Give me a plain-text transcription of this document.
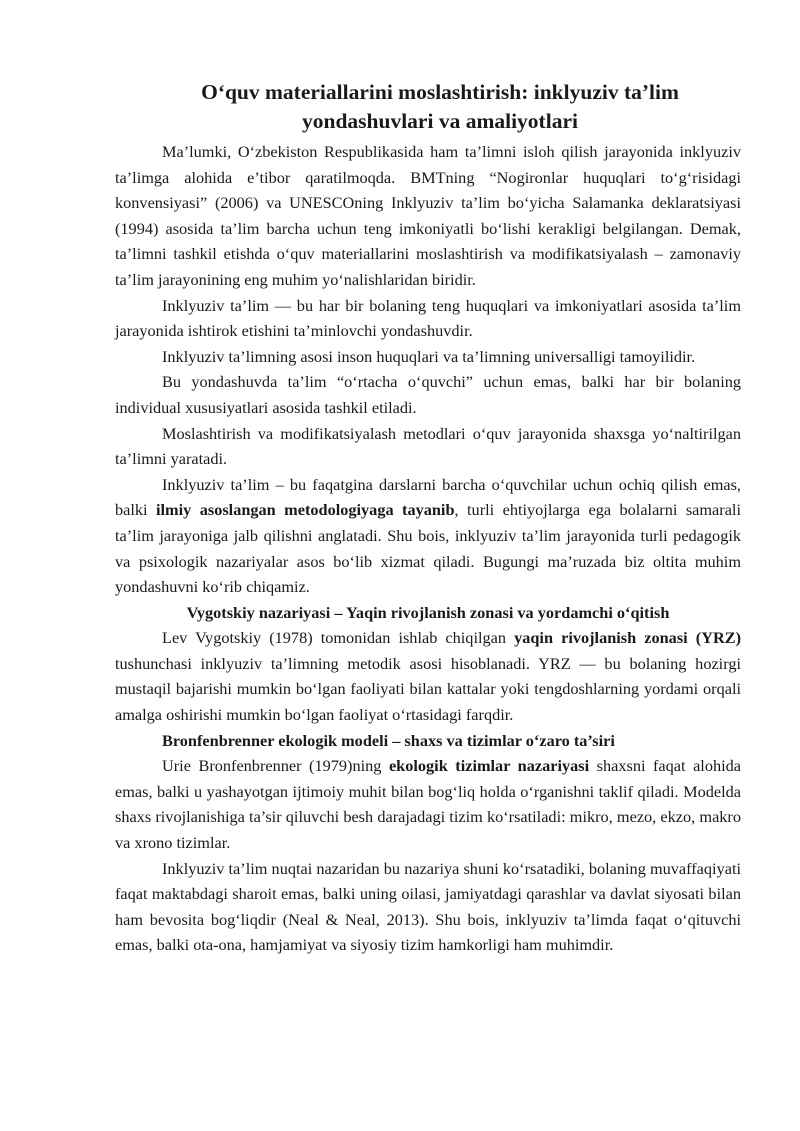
O‘quv materiallarini moslashtirish: inklyuziv ta’lim
yondashuvlari va amaliyotlari

Ma’lumki, O‘zbekiston Respublikasida ham ta’limni isloh qilish jarayonida inklyuziv ta’limga alohida e’tibor qaratilmoqda. BMTning “Nogironlar huquqlari to‘g‘risidagi konvensiyasi” (2006) va UNESCOning Inklyuziv ta’lim bo‘yicha Salamanka deklaratsiyasi (1994) asosida ta’lim barcha uchun teng imkoniyatli bo‘lishi kerakligi belgilangan. Demak, ta’limni tashkil etishda o‘quv materiallarini moslashtirish va modifikatsiyalash – zamonaviy ta’lim jarayonining eng muhim yo‘nalishlaridan biridir.

Inklyuziv ta’lim — bu har bir bolaning teng huquqlari va imkoniyatlari asosida ta’lim jarayonida ishtirok etishini ta’minlovchi yondashuvdir.

Inklyuziv ta’limning asosi inson huquqlari va ta’limning universalligi tamoyilidir.

Bu yondashuvda ta’lim “o‘rtacha o‘quvchi” uchun emas, balki har bir bolaning individual xususiyatlari asosida tashkil etiladi.

Moslashtirish va modifikatsiyalash metodlari o‘quv jarayonida shaxsga yo‘naltirilgan ta’limni yaratadi.

Inklyuziv ta’lim – bu faqatgina darslarni barcha o‘quvchilar uchun ochiq qilish emas, balki ilmiy asoslangan metodologiyaga tayanib, turli ehtiyojlarga ega bolalarni samarali ta’lim jarayoniga jalb qilishni anglatadi. Shu bois, inklyuziv ta’lim jarayonida turli pedagogik va psixologik nazariyalar asos bo‘lib xizmat qiladi. Bugungi ma’ruzada biz oltita muhim yondashuvni ko‘rib chiqamiz.

Vygotskiy nazariyasi – Yaqin rivojlanish zonasi va yordamchi o‘qitish

Lev Vygotskiy (1978) tomonidan ishlab chiqilgan yaqin rivojlanish zonasi (YRZ) tushunchasi inklyuziv ta’limning metodik asosi hisoblanadi. YRZ — bu bolaning hozirgi mustaqil bajarishi mumkin bo‘lgan faoliyati bilan kattalar yoki tengdoshlarning yordami orqali amalga oshirishi mumkin bo‘lgan faoliyat o‘rtasidagi farqdir.

Bronfenbrenner ekologik modeli – shaxs va tizimlar o‘zaro ta’siri

Urie Bronfenbrenner (1979)ning ekologik tizimlar nazariyasi shaxsni faqat alohida emas, balki u yashayotgan ijtimoiy muhit bilan bog‘liq holda o‘rganishni taklif qiladi. Modelda shaxs rivojlanishiga ta’sir qiluvchi besh darajadagi tizim ko‘rsatiladi: mikro, mezo, ekzo, makro va xrono tizimlar.

Inklyuziv ta’lim nuqtai nazaridan bu nazariya shuni ko‘rsatadiki, bolaning muvaffaqiyati faqat maktabdagi sharoit emas, balki uning oilasi, jamiyatdagi qarashlar va davlat siyosati bilan ham bevosita bog‘liqdir (Neal & Neal, 2013). Shu bois, inklyuziv ta’limda faqat o‘qituvchi emas, balki ota-ona, hamjamiyat va siyosiy tizim hamkorligi ham muhimdir.
